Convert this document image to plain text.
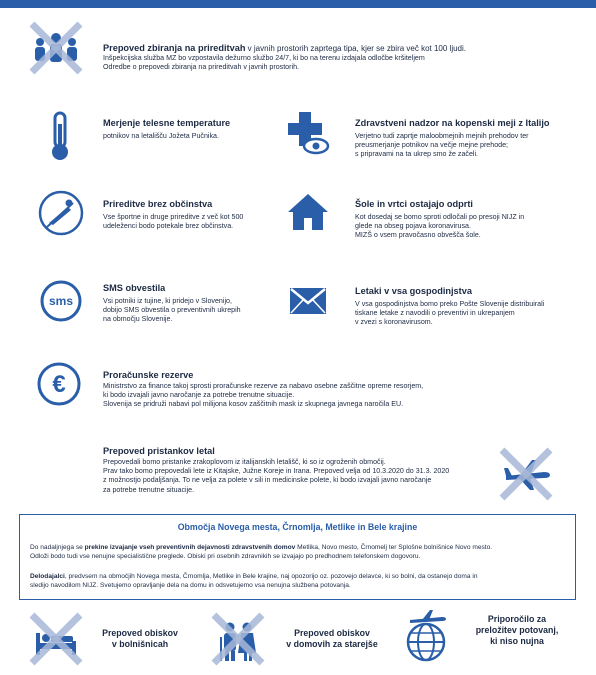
Prepoved zbiranja na prireditvah v javnih prostorih zaprtega tipa, kjer se zbira več kot 100 ljudi.
Inšpekcijska služba MZ bo vzpostavila dežurno službo 24/7, ki bo na terenu izdajala odločbe kršiteljem
Odredbe o prepovedi zbiranja na prireditvah v javnih prostorih.
Merjenje telesne temperature
potnikov na letališču Jožeta Pučnika.
Zdravstveni nadzor na kopenski meji z Italijo
Verjetno tudi zaprtje maloobmejnih mejnih prehodov ter
preusmerjanje potnikov na večje mejne prehode;
s pripravami na ta ukrep smo že začeli.
Prireditve brez občinstva
Vse športne in druge prireditve z več kot 500
udeleženci bodo potekale brez občinstva.
Šole in vrtci ostajajo odprti
Kot dosedaj se bomo sproti odločali po presoji NIJZ in
glede na obseg pojava koronavirusa.
MIZŠ o vsem pravočasno obvešča šole.
sms
SMS obvestila
Vsi potniki iz tujine, ki pridejo v Slovenijo,
dobijo SMS obvestila o preventivnih ukrepih
na območju Slovenije.
Letaki v vsa gospodinjstva
V vsa gospodinjstva bomo preko Pošte Slovenije distribuirali
tiskane letake z navodili o preventivi in ukrepanjem
v zvezi s koronavirusom.
€	Proračunske rezerve
Ministrstvo za finance takoj sprosti proračunske rezerve za nabavo osebne zaščitne opreme resorjem,
ki bodo izvajali javno naročanje za potrebe trenutne situacije.
Slovenija se pridruži nabavi pol milijona kosov zaščitnih mask iz skupnega javnega naročila EU.
Prepoved pristankov letal
Prepovedali bomo pristanke zrakoplovom iz italijanskih letališč, ki so iz ogroženih območij.
Prav tako bomo prepovedali lete iz Kitajske, Južne Koreje in Irana. Prepoved velja od 10.3.2020 do 31.3. 2020
z možnostjo podaljšanja. To ne velja za polete v sili in medicinske polete, ki bodo izvajali javno naročanje
za potrebe trenutne situacije.
Območja Novega mesta, Črnomlja, Metlike in Bele krajine
Do nadaljnjega se prekine izvajanje vseh preventivnih dejavnosti zdravstvenih domov Metlika, Novo mesto, Črnomelj ter Splošne bolnišnice Novo mesto.
Odloži bodo tudi vse nenujne specialistične preglede. Obiski pri osebnih zdravnikih se izvajajo po predhodnem telefonskem dogovoru.
Delodajalci, predvsem na območjih Novega mesta, Črnomlja, Metlike in Bele krajine, naj opozorijo oz. pozovejo delavce, ki so bolni, da ostanejo doma in
sledijo navodilom NIJZ. Svetujemo opravljanje dela na domu in odsvetujemo vsa nenujna službena potovanja.
Prepoved obiskov
v bolnišnicah
Prepoved obiskov
v domovih za starejše
Priporočilo za
preložitev potovanj,
ki niso nujna
